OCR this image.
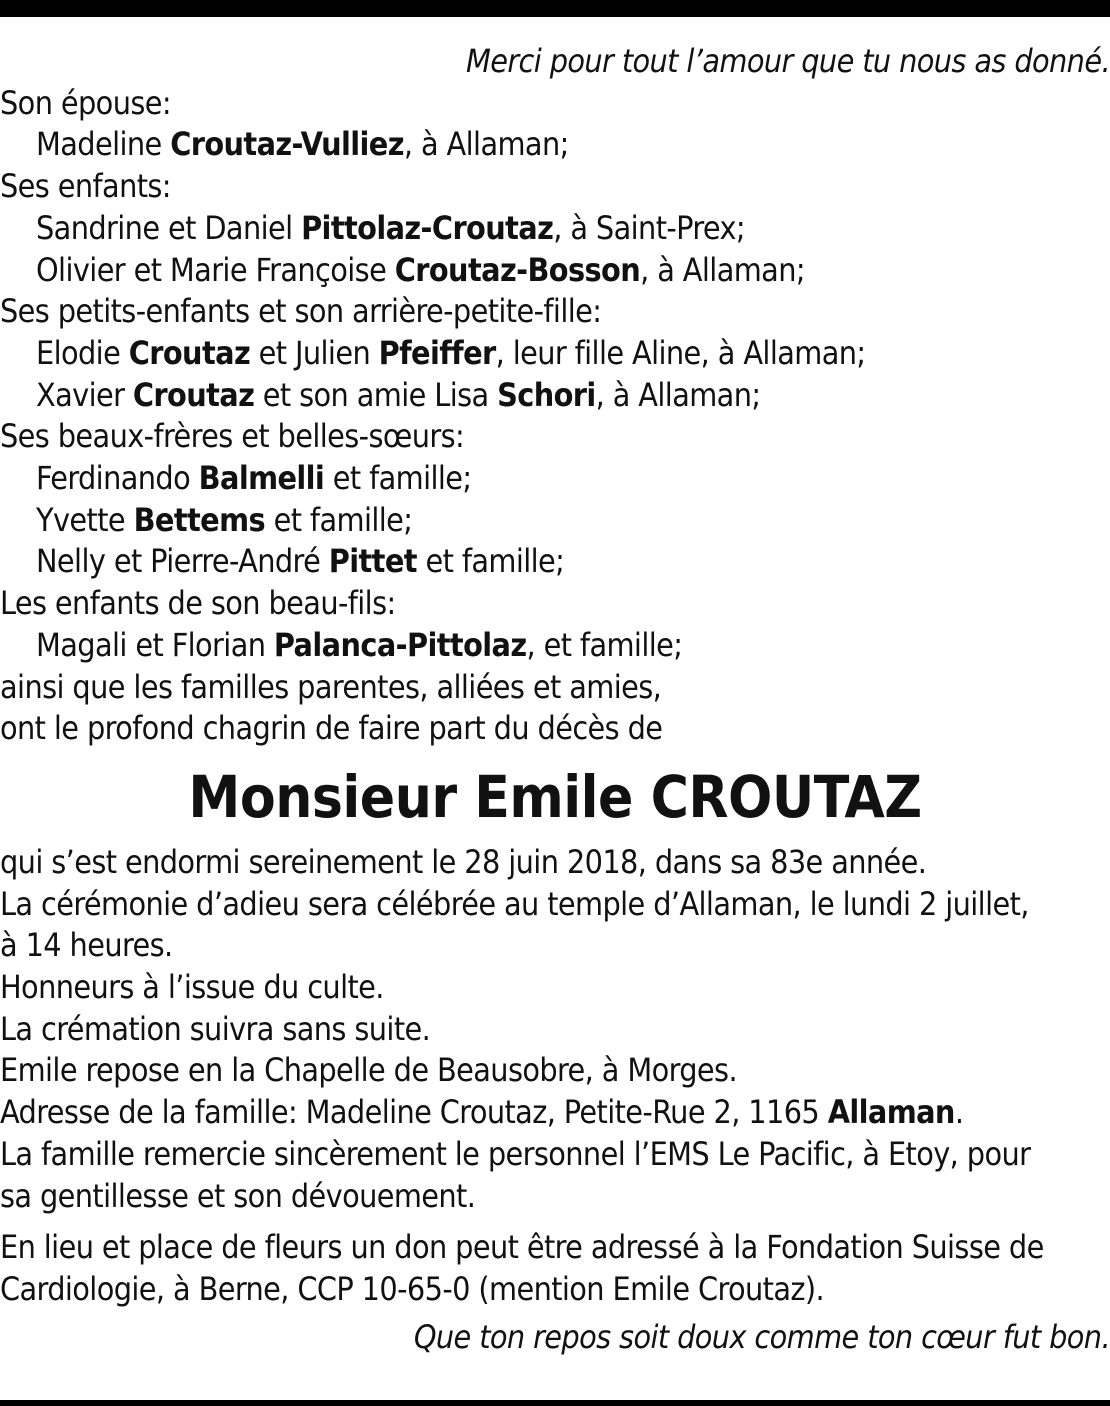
Merci pour tout l’amour que tu nous as donné.
Son épouse:
Madeline Croutaz-Vulliez, à Allaman;
Ses enfants:
Sandrine et Daniel Pittolaz-Croutaz, à Saint-Prex;
Olivier et Marie Françoise Croutaz-Bosson, à Allaman;
Ses petits-enfants et son arrière-petite-fille:
Elodie Croutaz et Julien Pfeiffer, leur fille Aline, à Allaman;
Xavier Croutaz et son amie Lisa Schori, à Allaman;
Ses beaux-frères et belles-sœurs:
Ferdinando Balmelli et famille;
Yvette Bettems et famille;
Nelly et Pierre-André Pittet et famille;
Les enfants de son beau-fils:
Magali et Florian Palanca-Pittolaz, et famille;
ainsi que les familles parentes, alliées et amies,
ont le profond chagrin de faire part du décès de
Monsieur Emile CROUTAZ
qui s’est endormi sereinement le 28 juin 2018, dans sa 83e année.
La cérémonie d’adieu sera célébrée au temple d’Allaman, le lundi 2 juillet,
à 14 heures.
Honneurs à l’issue du culte.
La crémation suivra sans suite.
Emile repose en la Chapelle de Beausobre, à Morges.
Adresse de la famille: Madeline Croutaz, Petite-Rue 2, 1165 Allaman.
La famille remercie sincèrement le personnel l’EMS Le Pacific, à Etoy, pour
sa gentillesse et son dévouement.
En lieu et place de fleurs un don peut être adressé à la Fondation Suisse de
Cardiologie, à Berne, CCP 10-65-0 (mention Emile Croutaz).
Que ton repos soit doux comme ton cœur fut bon.
